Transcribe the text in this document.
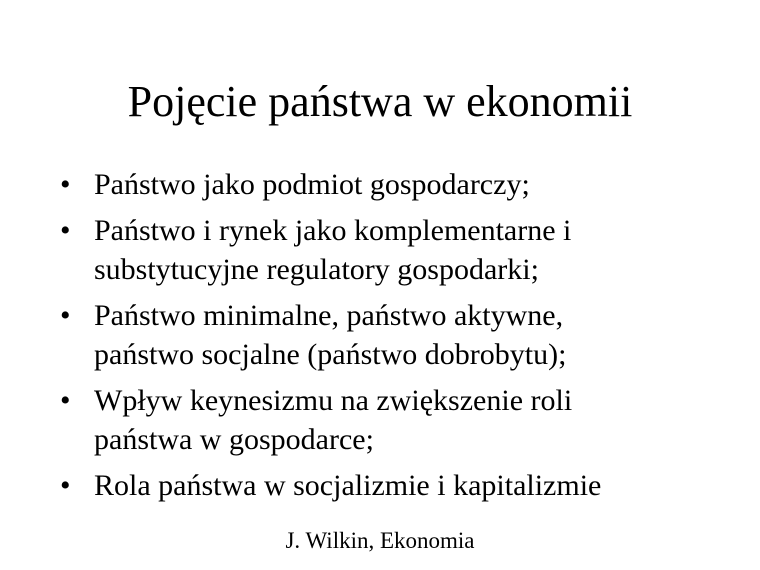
Pojęcie państwa w ekonomii
• Państwo jako podmiot gospodarczy;
• Państwo i rynek jako komplementarne i
substytucyjne regulatory gospodarki;
• Państwo minimalne, państwo aktywne,
państwo socjalne (państwo dobrobytu);
• Wpływ keynesizmu na zwiększenie roli
państwa w gospodarce;
• Rola państwa w socjalizmie i kapitalizmie
J. Wilkin, Ekonomia
